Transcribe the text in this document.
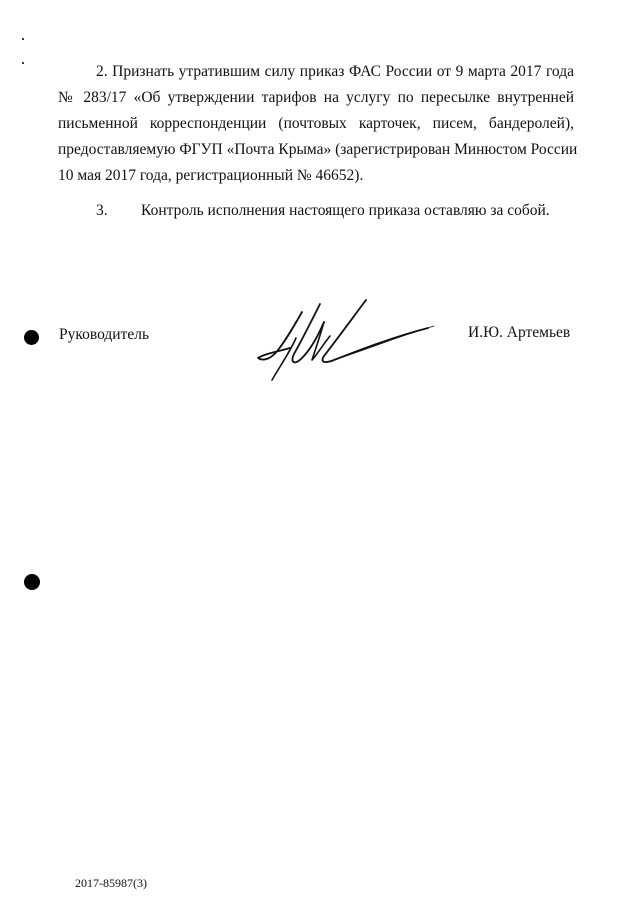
2. Признать утратившим силу приказ ФАС России от 9 марта 2017 года
№ 283/17 «Об утверждении тарифов на услугу по пересылке внутренней
письменной корреспонденции (почтовых карточек, писем, бандеролей),
предоставляемую ФГУП «Почта Крыма» (зарегистрирован Минюстом России
10 мая 2017 года, регистрационный № 46652).
3. Контроль исполнения настоящего приказа оставляю за собой.
Руководитель	И.Ю. Артемьев
2017-85987(3)
